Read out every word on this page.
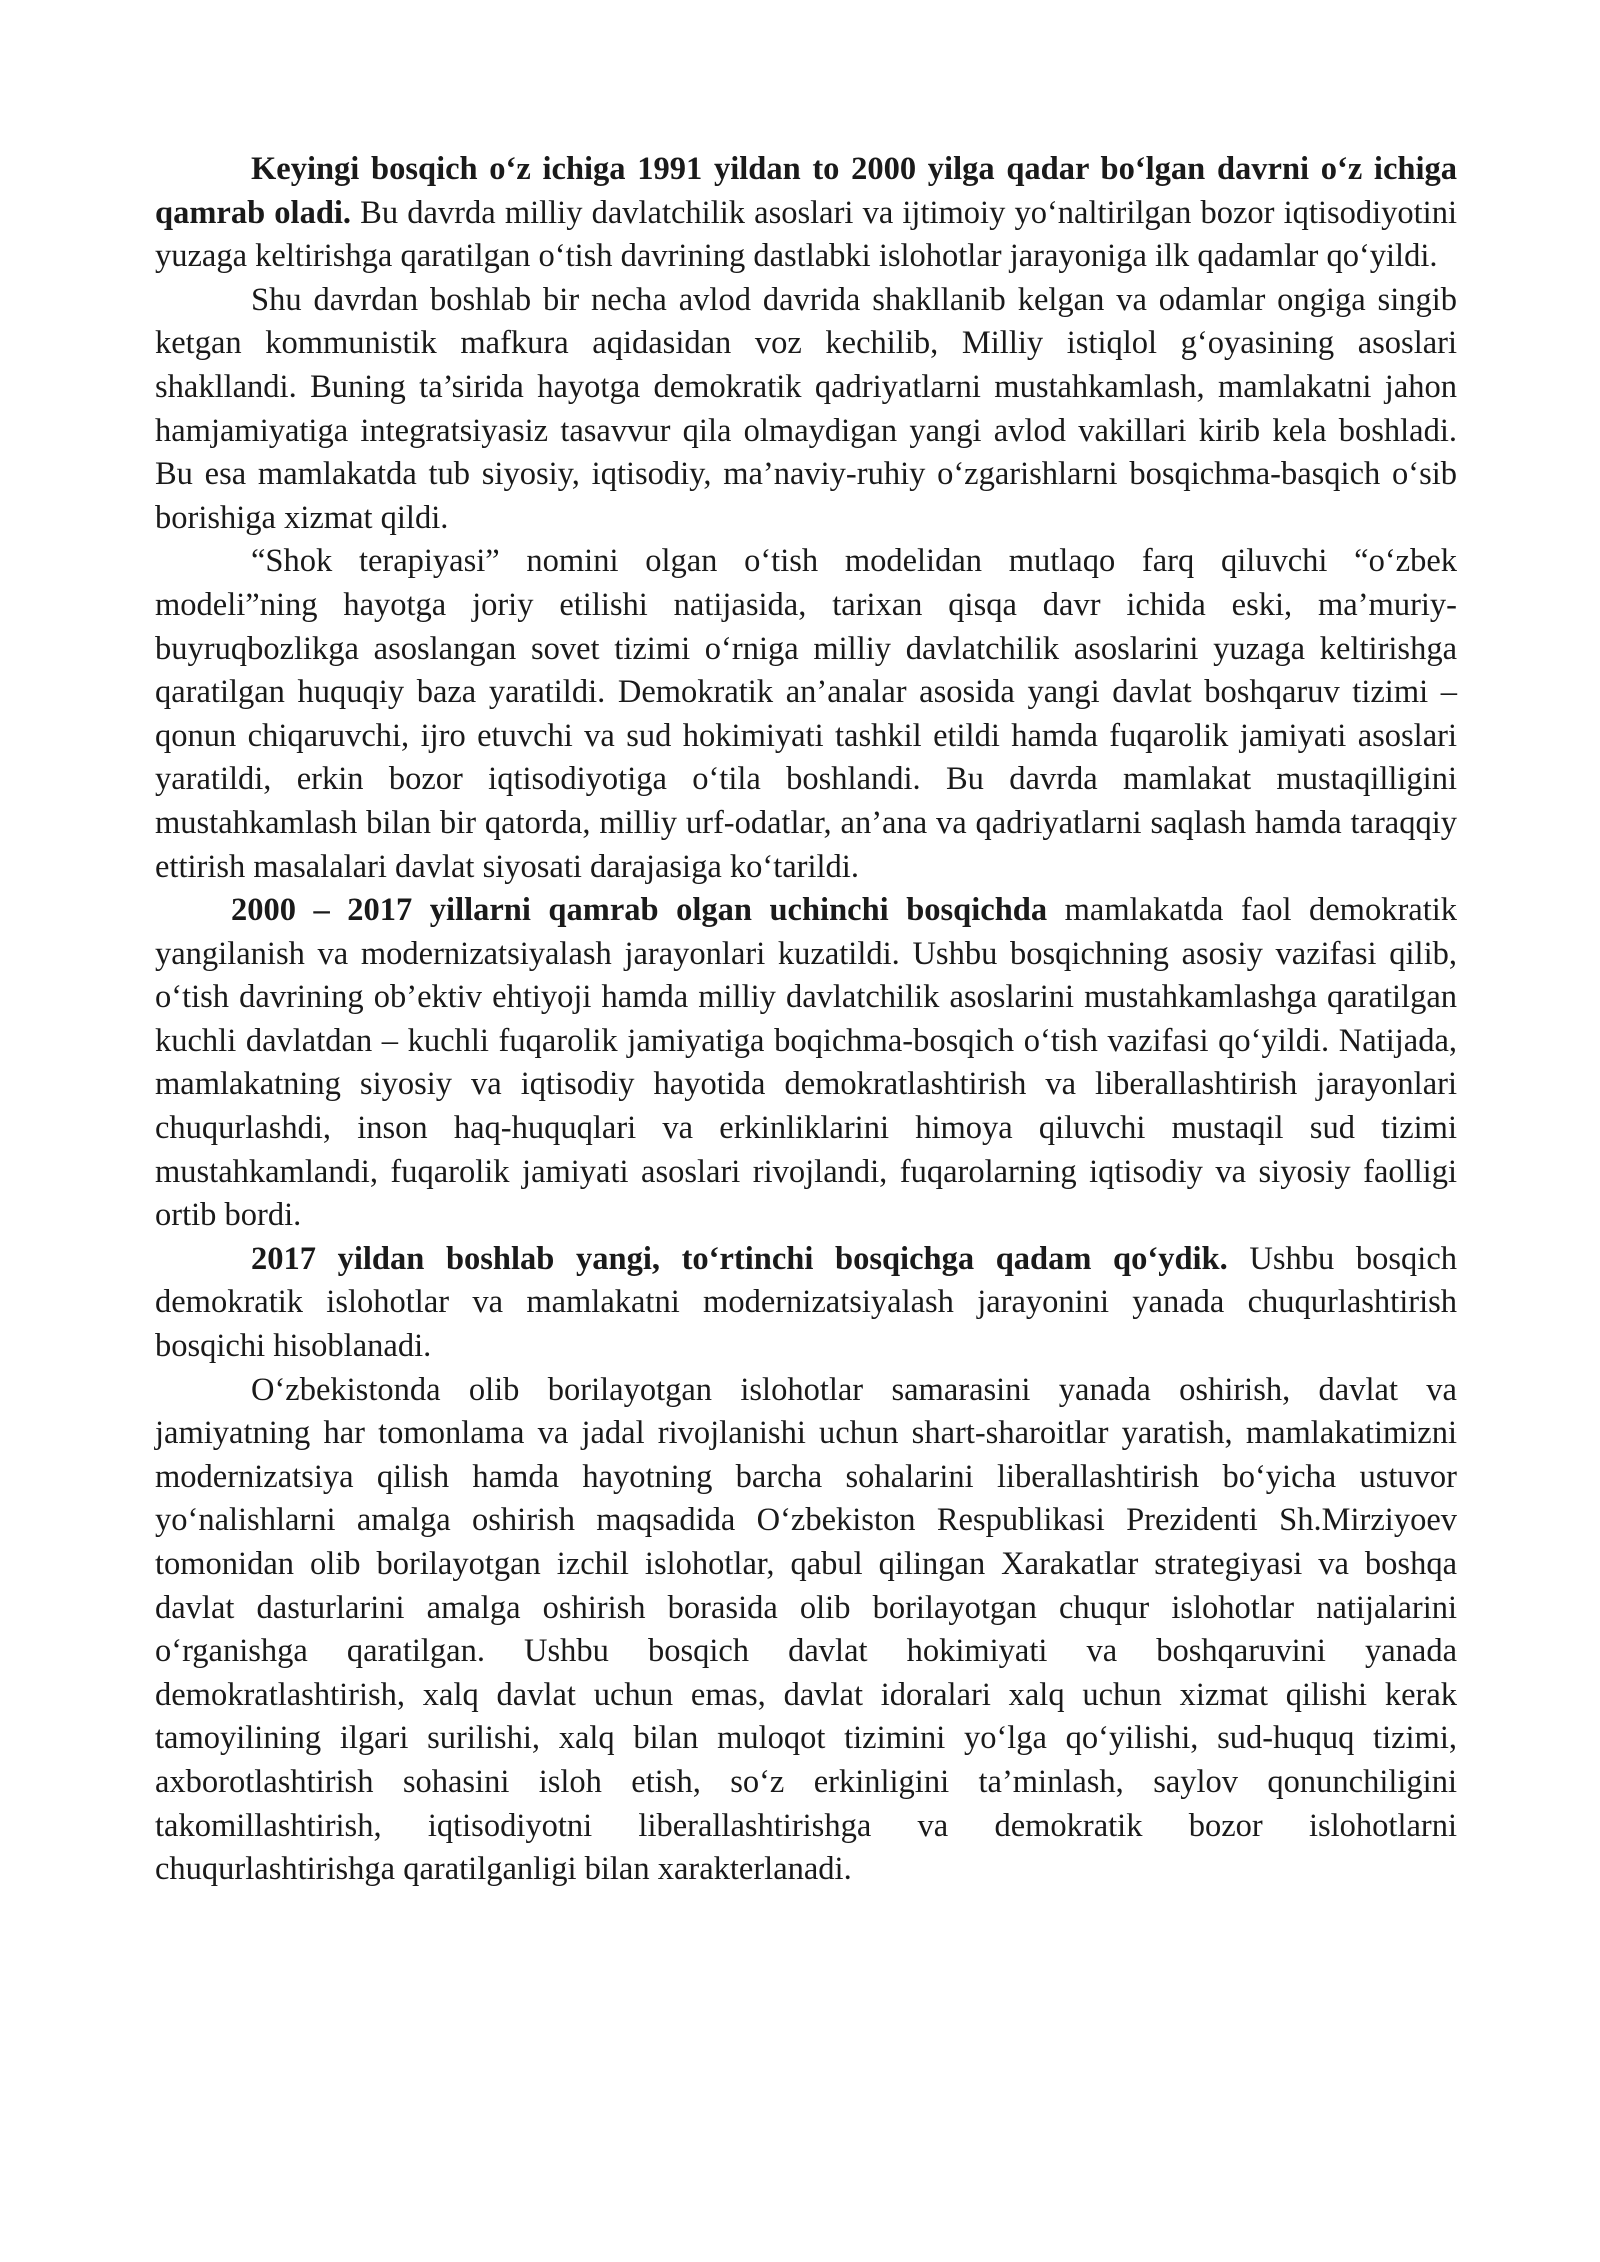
Keyingi bosqich oʻz ichiga 1991 yildan to 2000 yilga qadar boʻlgan davrni oʻz ichiga qamrab oladi. Bu davrda milliy davlatchilik asoslari va ijtimoiy yoʻnaltirilgan bozor iqtisodiyotini yuzaga keltirishga qaratilgan oʻtish davrining dastlabki islohotlar jarayoniga ilk qadamlar qoʻyildi.

Shu davrdan boshlab bir necha avlod davrida shakllanib kelgan va odamlar ongiga singib ketgan kommunistik mafkura aqidasidan voz kechilib, Milliy istiqlol gʻoyasining asoslari shakllandi. Buning ta’sirida hayotga demokratik qadriyatlarni mustahkamlash, mamlakatni jahon hamjamiyatiga integratsiyasiz tasavvur qila olmaydigan yangi avlod vakillari kirib kela boshladi. Bu esa mamlakatda tub siyosiy, iqtisodiy, ma’naviy-ruhiy oʻzgarishlarni bosqichma-basqich oʻsib borishiga xizmat qildi.

“Shok terapiyasi” nomini olgan oʻtish modelidan mutlaqo farq qiluvchi “oʻzbek modeli”ning hayotga joriy etilishi natijasida, tarixan qisqa davr ichida eski, ma’muriy-buyruqbozlikga asoslangan sovet tizimi oʻrniga milliy davlatchilik asoslarini yuzaga keltirishga qaratilgan huquqiy baza yaratildi. Demokratik an’analar asosida yangi davlat boshqaruv tizimi – qonun chiqaruvchi, ijro etuvchi va sud hokimiyati tashkil etildi hamda fuqarolik jamiyati asoslari yaratildi, erkin bozor iqtisodiyotiga oʻtila boshlandi. Bu davrda mamlakat mustaqilligini mustahkamlash bilan bir qatorda, milliy urf-odatlar, an’ana va qadriyatlarni saqlash hamda taraqqiy ettirish masalalari davlat siyosati darajasiga koʻtarildi.

2000 – 2017 yillarni qamrab olgan uchinchi bosqichda mamlakatda faol demokratik yangilanish va modernizatsiyalash jarayonlari kuzatildi. Ushbu bosqichning asosiy vazifasi qilib, oʻtish davrining ob’ektiv ehtiyoji hamda milliy davlatchilik asoslarini mustahkamlashga qaratilgan kuchli davlatdan – kuchli fuqarolik jamiyatiga boqichma-bosqich oʻtish vazifasi qoʻyildi. Natijada, mamlakatning siyosiy va iqtisodiy hayotida demokratlashtirish va liberallashtirish jarayonlari chuqurlashdi, inson haq-huquqlari va erkinliklarini himoya qiluvchi mustaqil sud tizimi mustahkamlandi, fuqarolik jamiyati asoslari rivojlandi, fuqarolarning iqtisodiy va siyosiy faolligi ortib bordi.

2017 yildan boshlab yangi, toʻrtinchi bosqichga qadam qoʻydik. Ushbu bosqich demokratik islohotlar va mamlakatni modernizatsiyalash jarayonini yanada chuqurlashtirish bosqichi hisoblanadi.

Oʻzbekistonda olib borilayotgan islohotlar samarasini yanada oshirish, davlat va jamiyatning har tomonlama va jadal rivojlanishi uchun shart-sharoitlar yaratish, mamlakatimizni modernizatsiya qilish hamda hayotning barcha sohalarini liberallashtirish boʻyicha ustuvor yoʻnalishlarni amalga oshirish maqsadida Oʻzbekiston Respublikasi Prezidenti Sh.Mirziyoev tomonidan olib borilayotgan izchil islohotlar, qabul qilingan Xarakatlar strategiyasi va boshqa davlat dasturlarini amalga oshirish borasida olib borilayotgan chuqur islohotlar natijalarini oʻrganishga qaratilgan. Ushbu bosqich davlat hokimiyati va boshqaruvini yanada demokratlashtirish, xalq davlat uchun emas, davlat idoralari xalq uchun xizmat qilishi kerak tamoyilining ilgari surilishi, xalq bilan muloqot tizimini yoʻlga qoʻyilishi, sud-huquq tizimi, axborotlashtirish sohasini isloh etish, soʻz erkinligini ta’minlash, saylov qonunchiligini takomillashtirish, iqtisodiyotni liberallashtirishga va demokratik bozor islohotlarni chuqurlashtirishga qaratilganligi bilan xarakterlanadi.
